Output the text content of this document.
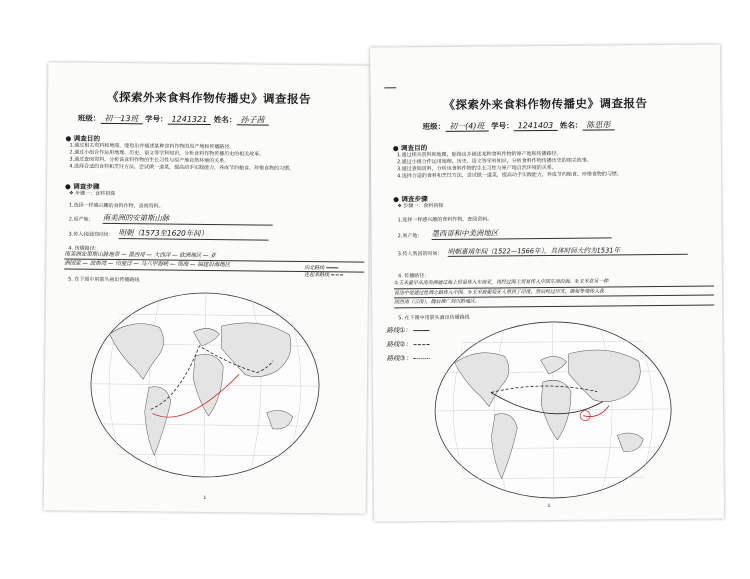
《探索外来食料作物传播史》调查报告
班级： 初一13班 学号： 1241321 姓名： 孙子茜
● 调查目的
1.通过相关资料和地图，能指出并描述某种食料作物的原产地和传播路径。
2.通过小组合作运用地理、历史、语文等学科知识，分析食料作物传播历史的相关故事。
3.通过查阅资料，分析该食料作物的生长习性与原产地自然环境的关系。
4.选择合适的食料和烹饪方法，尝试做一道菜，提高动手实践能力，养成节约粮食、珍惜食物的习惯。
● 调查步骤
❖ 步骤一：食料初探
1.选择一样感兴趣的食料作物，查阅资料。
2.原产地： 南美洲的安第斯山脉
3.传入我国的时间： 明朝（1573至1620年间）
4. 传播路径：
南美洲安第斯山脉地带 — 墨西哥 — 大西洋 — 欧洲地区 — 亚
洲国家 — 波斯湾 — 印度洋 — 马六甲海峡 — 南海 — 福建沿海地区
5. 在下图中用箭头画出传播路线
向北路线
连起来路线
1
《探索外来食料作物传播史》调查报告
班级： 初一(4)班 学号： 1241403 姓名： 陈思彤
● 调查目的
1.通过相关资料和地图，能指出并描述某种食料作物的原产地和传播路径。
2.通过小组合作运用地理、历史、语文等学科知识，分析食料作物传播历史的相关故事。
3.通过查阅资料，分析该食料作物的生长习性与原产地自然环境的关系。
4.选择合适的食料和烹饪方法，尝试做一道菜，提高动手实践能力，养成节约粮食、珍惜食物的习惯。
● 调查步骤
❖ 步骤一：食料初探
1.选择一样感兴趣的食料作物，查阅资料。
2.原产地： 墨西哥和中美洲地区
3.传入我国的时间： 明朝嘉靖年间（1522—1566年），具体时间大约为1531年
4. 传播路径：
①玉米最早从南美洲通过海上贸易传入东南亚，再经过海上贸易传入中国东南沿海。②玉米在另一种
说法中是通过丝绸之路传入中国。③玉米被葡萄牙人带到了印度，然后经过印支，缅甸等地传入我
国西南（云南），随后推广到川黔地区。
5. 在下图中用箭头画出传播路线
路线①：
路线②：
路线③：
1
